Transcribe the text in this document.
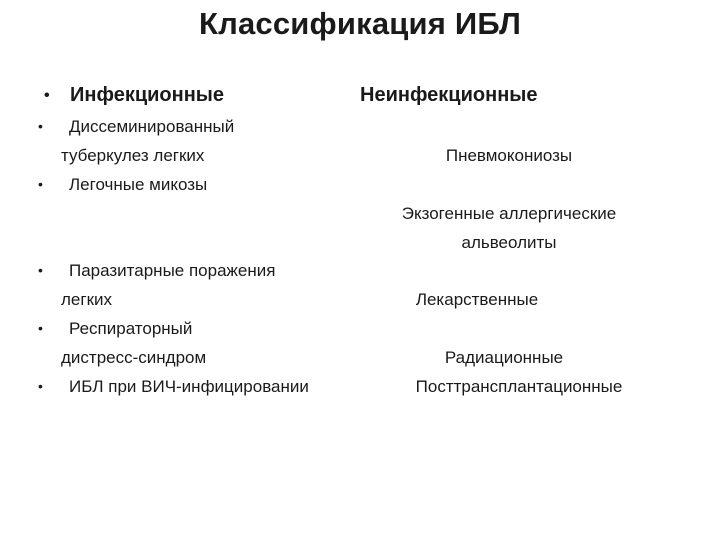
Классификация ИБЛ
• Инфекционные	Неинфекционные
• Диссеминированный
туберкулез легких
• Легочные микозы
• Паразитарные поражения
легких
• Респираторный
дистресс-синдром
• ИБЛ при ВИЧ-инфицировании
Пневмокониозы
Экзогенные аллергические
альвеолиты
Лекарственные
Радиационные
Посттрансплантационные
